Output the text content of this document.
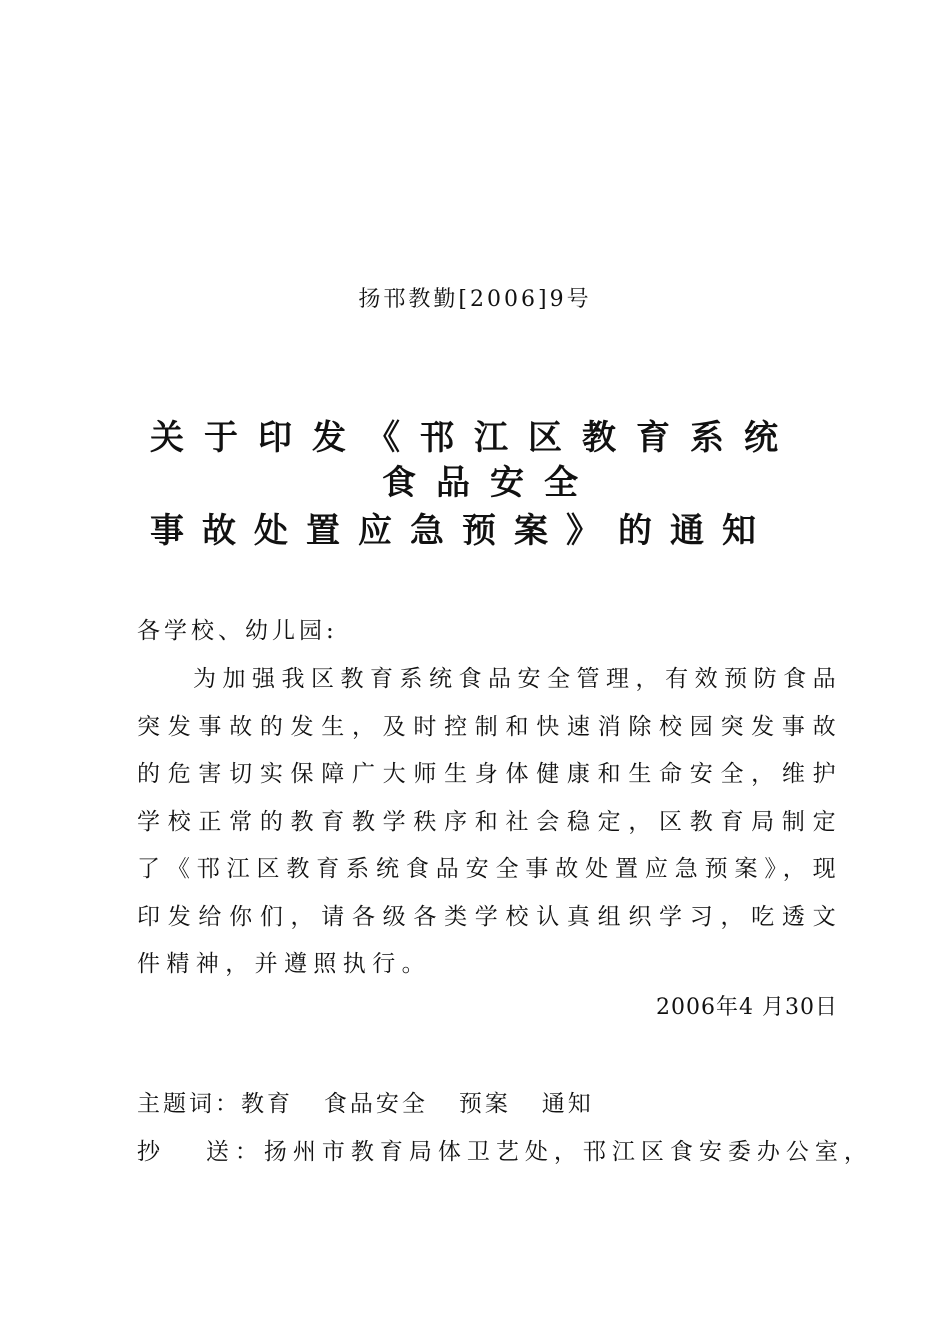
扬邗教勤[2006]9号
关于印发《邗江区教育系统
食品安全
事故处置应急预案》的通知
各学校、幼儿园:
为加强我区教育系统食品安全管理，有效预防食品突发事故的发生，及时控制和快速消除校园突发事故的危害切实保障广大师生身体健康和生命安全，维护学校正常的教育教学秩序和社会稳定，区教育局制定了《邗江区教育系统食品安全事故处置应急预案》，现印发给你们，请各级各类学校认真组织学习，吃透文件精神，并遵照执行。
2006年4 月30日
主题词：教育   食品安全   预案   通知
抄   送：扬州市教育局体卫艺处，邗江区食安委办公室，
